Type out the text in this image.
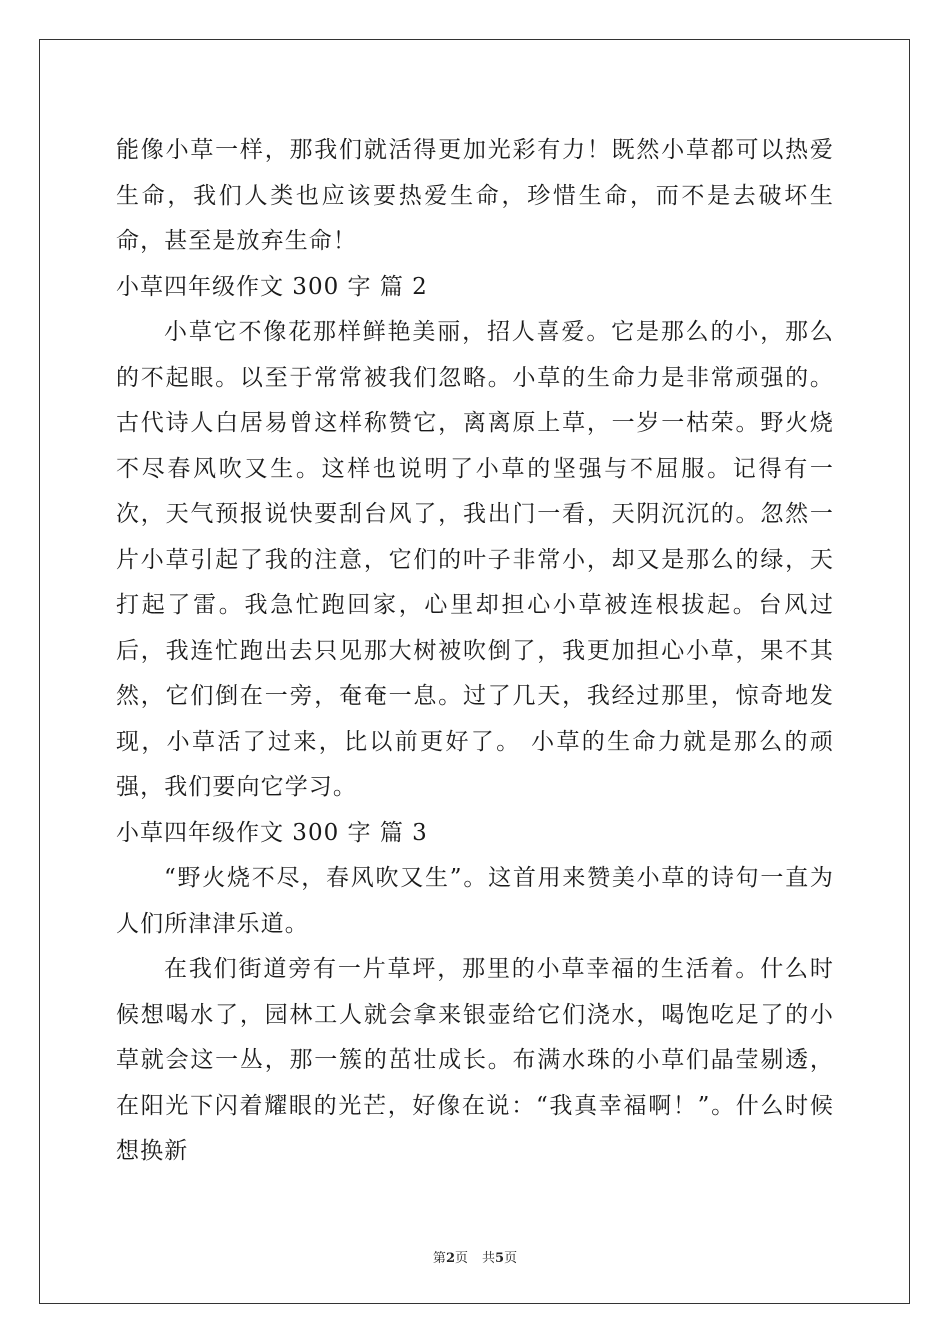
能像小草一样，那我们就活得更加光彩有力！既然小草都可以热爱生命，我们人类也应该要热爱生命，珍惜生命，而不是去破坏生命，甚至是放弃生命！

小草四年级作文 300 字 篇 2

小草它不像花那样鲜艳美丽，招人喜爱。它是那么的小，那么的不起眼。以至于常常被我们忽略。小草的生命力是非常顽强的。 古代诗人白居易曾这样称赞它，离离原上草，一岁一枯荣。野火烧不尽春风吹又生。这样也说明了小草的坚强与不屈服。记得有一次，天气预报说快要刮台风了，我出门一看，天阴沉沉的。忽然一片小草引起了我的注意，它们的叶子非常小，却又是那么的绿，天打起了雷。我急忙跑回家，心里却担心小草被连根拔起。台风过后，我连忙跑出去只见那大树被吹倒了，我更加担心小草，果不其然，它们倒在一旁，奄奄一息。过了几天，我经过那里，惊奇地发现，小草活了过来，比以前更好了。 小草的生命力就是那么的顽强，我们要向它学习。

小草四年级作文 300 字 篇 3

“野火烧不尽，春风吹又生”。这首用来赞美小草的诗句一直为人们所津津乐道。

在我们街道旁有一片草坪，那里的小草幸福的生活着。什么时候想喝水了，园林工人就会拿来银壶给它们浇水，喝饱吃足了的小草就会这一丛，那一簇的茁壮成长。布满水珠的小草们晶莹剔透，在阳光下闪着耀眼的光芒，好像在说：“我真幸福啊！”。什么时候想换新

第2页 共5页
